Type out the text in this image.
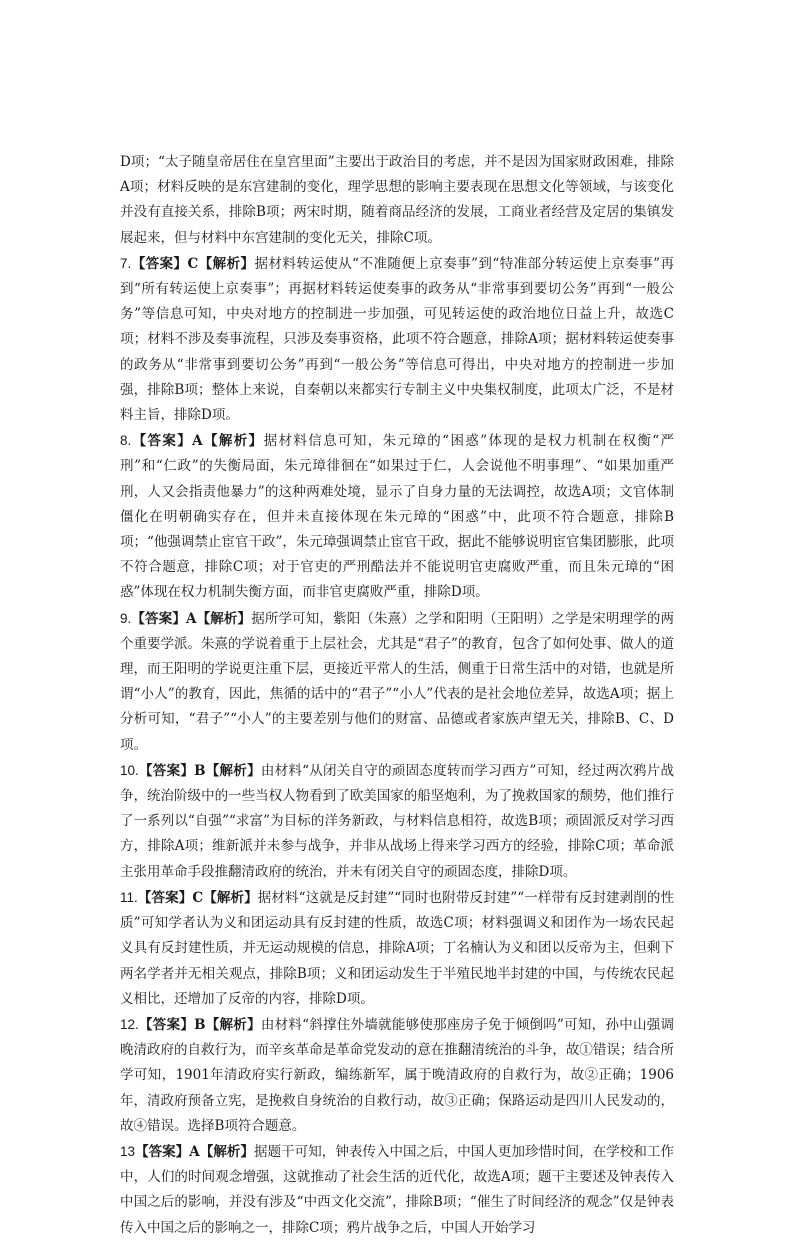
D项；“太子随皇帝居住在皇宫里面”主要出于政治目的考虑，并不是因为国家财政困难，排除A项；材料反映的是东宫建制的变化，理学思想的影响主要表现在思想文化等领域，与该变化并没有直接关系，排除B项；两宋时期，随着商品经济的发展，工商业者经营及定居的集镇发展起来，但与材料中东宫建制的变化无关，排除C项。

7.【答案】C【解析】据材料转运使从“不准随便上京奏事”到“特准部分转运使上京奏事”再到“所有转运使上京奏事”；再据材料转运使奏事的政务从“非常事到要切公务”再到“一般公务”等信息可知，中央对地方的控制进一步加强，可见转运使的政治地位日益上升，故选C项；材料不涉及奏事流程，只涉及奏事资格，此项不符合题意，排除A项；据材料转运使奏事的政务从“非常事到要切公务”再到“一般公务”等信息可得出，中央对地方的控制进一步加强，排除B项；整体上来说，自秦朝以来都实行专制主义中央集权制度，此项太广泛，不是材料主旨，排除D项。

8.【答案】A【解析】据材料信息可知，朱元璋的“困惑”体现的是权力机制在权衡“严刑”和“仁政”的失衡局面，朱元璋徘徊在“如果过于仁，人会说他不明事理”、“如果加重严刑，人又会指责他暴力”的这种两难处境，显示了自身力量的无法调控，故选A项；文官体制僵化在明朝确实存在，但并未直接体现在朱元璋的“困惑”中，此项不符合题意，排除B项；“他强调禁止宦官干政”，朱元璋强调禁止宦官干政，据此不能够说明宦官集团膨胀，此项不符合题意，排除C项；对于官吏的严刑酷法并不能说明官吏腐败严重，而且朱元璋的“困惑”体现在权力机制失衡方面，而非官吏腐败严重，排除D项。

9.【答案】A【解析】据所学可知，紫阳（朱熹）之学和阳明（王阳明）之学是宋明理学的两个重要学派。朱熹的学说着重于上层社会，尤其是“君子”的教育，包含了如何处事、做人的道理，而王阳明的学说更注重下层，更接近平常人的生活，侧重于日常生活中的对错，也就是所谓“小人”的教育，因此，焦循的话中的“君子”“小人”代表的是社会地位差异，故选A项；据上分析可知，“君子”“小人”的主要差别与他们的财富、品德或者家族声望无关，排除B、C、D项。

10.【答案】B【解析】由材料“从闭关自守的顽固态度转而学习西方”可知，经过两次鸦片战争，统治阶级中的一些当权人物看到了欧美国家的船坚炮利，为了挽救国家的颓势，他们推行了一系列以“自强”“求富”为目标的洋务新政，与材料信息相符，故选B项；顽固派反对学习西方，排除A项；维新派并未参与战争，并非从战场上得来学习西方的经验，排除C项；革命派主张用革命手段推翻清政府的统治，并未有闭关自守的顽固态度，排除D项。

11.【答案】C【解析】据材料“这就是反封建”“同时也附带反封建”“一样带有反封建剥削的性质”可知学者认为义和团运动具有反封建的性质，故选C项；材料强调义和团作为一场农民起义具有反封建性质，并无运动规模的信息，排除A项；丁名楠认为义和团以反帝为主，但剩下两名学者并无相关观点，排除B项；义和团运动发生于半殖民地半封建的中国，与传统农民起义相比，还增加了反帝的内容，排除D项。

12.【答案】B【解析】由材料“斜撑住外墙就能够使那座房子免于倾倒吗”可知，孙中山强调晚清政府的自救行为，而辛亥革命是革命党发动的意在推翻清统治的斗争，故①错误；结合所学可知，1901年清政府实行新政，编练新军，属于晚清政府的自救行为，故②正确；1906年，清政府预备立宪，是挽救自身统治的自救行动，故③正确；保路运动是四川人民发动的，故④错误。选择B项符合题意。

13【答案】A【解析】据题干可知，钟表传入中国之后，中国人更加珍惜时间，在学校和工作中，人们的时间观念增强，这就推动了社会生活的近代化，故选A项；题干主要述及钟表传入中国之后的影响，并没有涉及“中西文化交流”，排除B项；“催生了时间经济的观念”仅是钟表传入中国之后的影响之一，排除C项；鸦片战争之后，中国人开始学习
